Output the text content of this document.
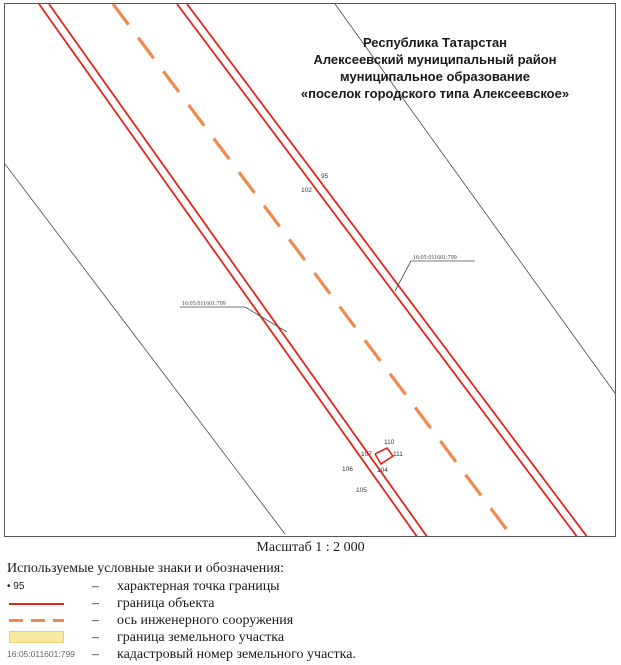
95
102
107
110
111
106	104
105
16:05:011601:799
16:05:011601:799
Республика Татарстан
Алексеевский муниципальный район
муниципальное образование
«поселок городского типа Алексеевское»
Масштаб 1 : 2 000
Используемые условные знаки и обозначения:
• 95	– характерная точка границы
– граница объекта
– ось инженерного сооружения
– граница земельного участка
16:05:011601:799 – кадастровый номер земельного участка.
